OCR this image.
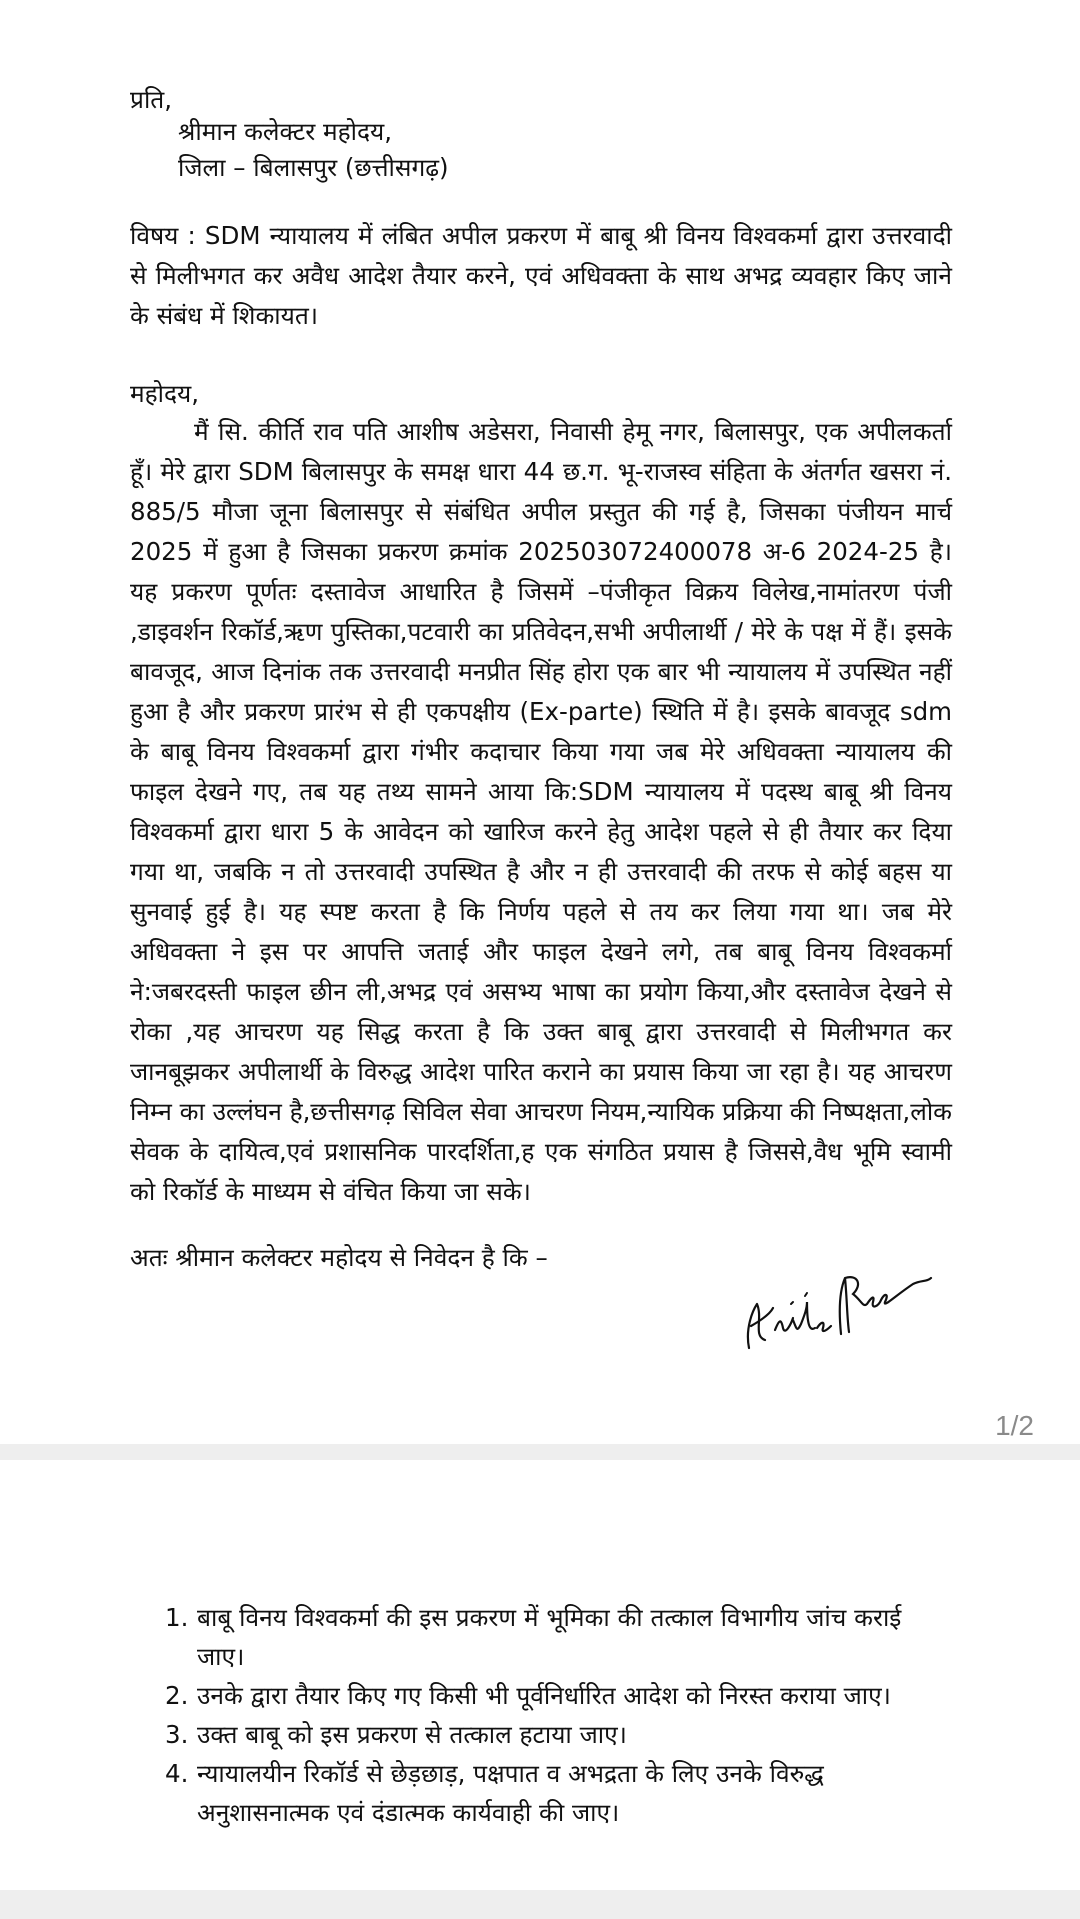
प्रति,

श्रीमान कलेक्टर महोदय,

जिला – बिलासपुर (छत्तीसगढ़)

विषय : SDM न्यायालय में लंबित अपील प्रकरण में बाबू श्री विनय विश्वकर्मा द्वारा उत्तरवादी से मिलीभगत कर अवैध आदेश तैयार करने, एवं अधिवक्ता के साथ अभद्र व्यवहार किए जाने के संबंध में शिकायत।

महोदय,

मैं सि. कीर्ति राव पति आशीष अडेसरा, निवासी हेमू नगर, बिलासपुर, एक अपीलकर्ता हूँ। मेरे द्वारा SDM बिलासपुर के समक्ष धारा 44 छ.ग. भू-राजस्व संहिता के अंतर्गत खसरा नं. 885/5 मौजा जूना बिलासपुर से संबंधित अपील प्रस्तुत की गई है, जिसका पंजीयन मार्च 2025 में हुआ है जिसका प्रकरण क्रमांक 202503072400078 अ-6 2024-25 है। यह प्रकरण पूर्णतः दस्तावेज आधारित है जिसमें –पंजीकृत विक्रय विलेख,नामांतरण पंजी ,डाइवर्शन रिकॉर्ड,ऋण पुस्तिका,पटवारी का प्रतिवेदन,सभी अपीलार्थी / मेरे के पक्ष में हैं। इसके बावजूद, आज दिनांक तक उत्तरवादी मनप्रीत सिंह होरा एक बार भी न्यायालय में उपस्थित नहीं हुआ है और प्रकरण प्रारंभ से ही एकपक्षीय (Ex-parte) स्थिति में है। इसके बावजूद sdm के बाबू विनय विश्वकर्मा द्वारा गंभीर कदाचार किया गया जब मेरे अधिवक्ता न्यायालय की फाइल देखने गए, तब यह तथ्य सामने आया कि:SDM न्यायालय में पदस्थ बाबू श्री विनय विश्वकर्मा द्वारा धारा 5 के आवेदन को खारिज करने हेतु आदेश पहले से ही तैयार कर दिया गया था, जबकि न तो उत्तरवादी उपस्थित है और न ही उत्तरवादी की तरफ से कोई बहस या सुनवाई हुई है। यह स्पष्ट करता है कि निर्णय पहले से तय कर लिया गया था। जब मेरे अधिवक्ता ने इस पर आपत्ति जताई और फाइल देखने लगे, तब बाबू विनय विश्वकर्मा ने:जबरदस्ती फाइल छीन ली,अभद्र एवं असभ्य भाषा का प्रयोग किया,और दस्तावेज देखने से रोका ,यह आचरण यह सिद्ध करता है कि उक्त बाबू द्वारा उत्तरवादी से मिलीभगत कर जानबूझकर अपीलार्थी के विरुद्ध आदेश पारित कराने का प्रयास किया जा रहा है। यह आचरण निम्न का उल्लंघन है,छत्तीसगढ़ सिविल सेवा आचरण नियम,न्यायिक प्रक्रिया की निष्पक्षता,लोक सेवक के दायित्व,एवं प्रशासनिक पारदर्शिता,ह एक संगठित प्रयास है जिससे,वैध भूमि स्वामी को रिकॉर्ड के माध्यम से वंचित किया जा सके।

अतः श्रीमान कलेक्टर महोदय से निवेदन है कि –

1/2
1. बाबू विनय विश्वकर्मा की इस प्रकरण में भूमिका की तत्काल विभागीय जांच कराई जाए।
2. उनके द्वारा तैयार किए गए किसी भी पूर्वनिर्धारित आदेश को निरस्त कराया जाए।
3. उक्त बाबू को इस प्रकरण से तत्काल हटाया जाए।
4. न्यायालयीन रिकॉर्ड से छेड़छाड़, पक्षपात व अभद्रता के लिए उनके विरुद्ध अनुशासनात्मक एवं दंडात्मक कार्यवाही की जाए।
